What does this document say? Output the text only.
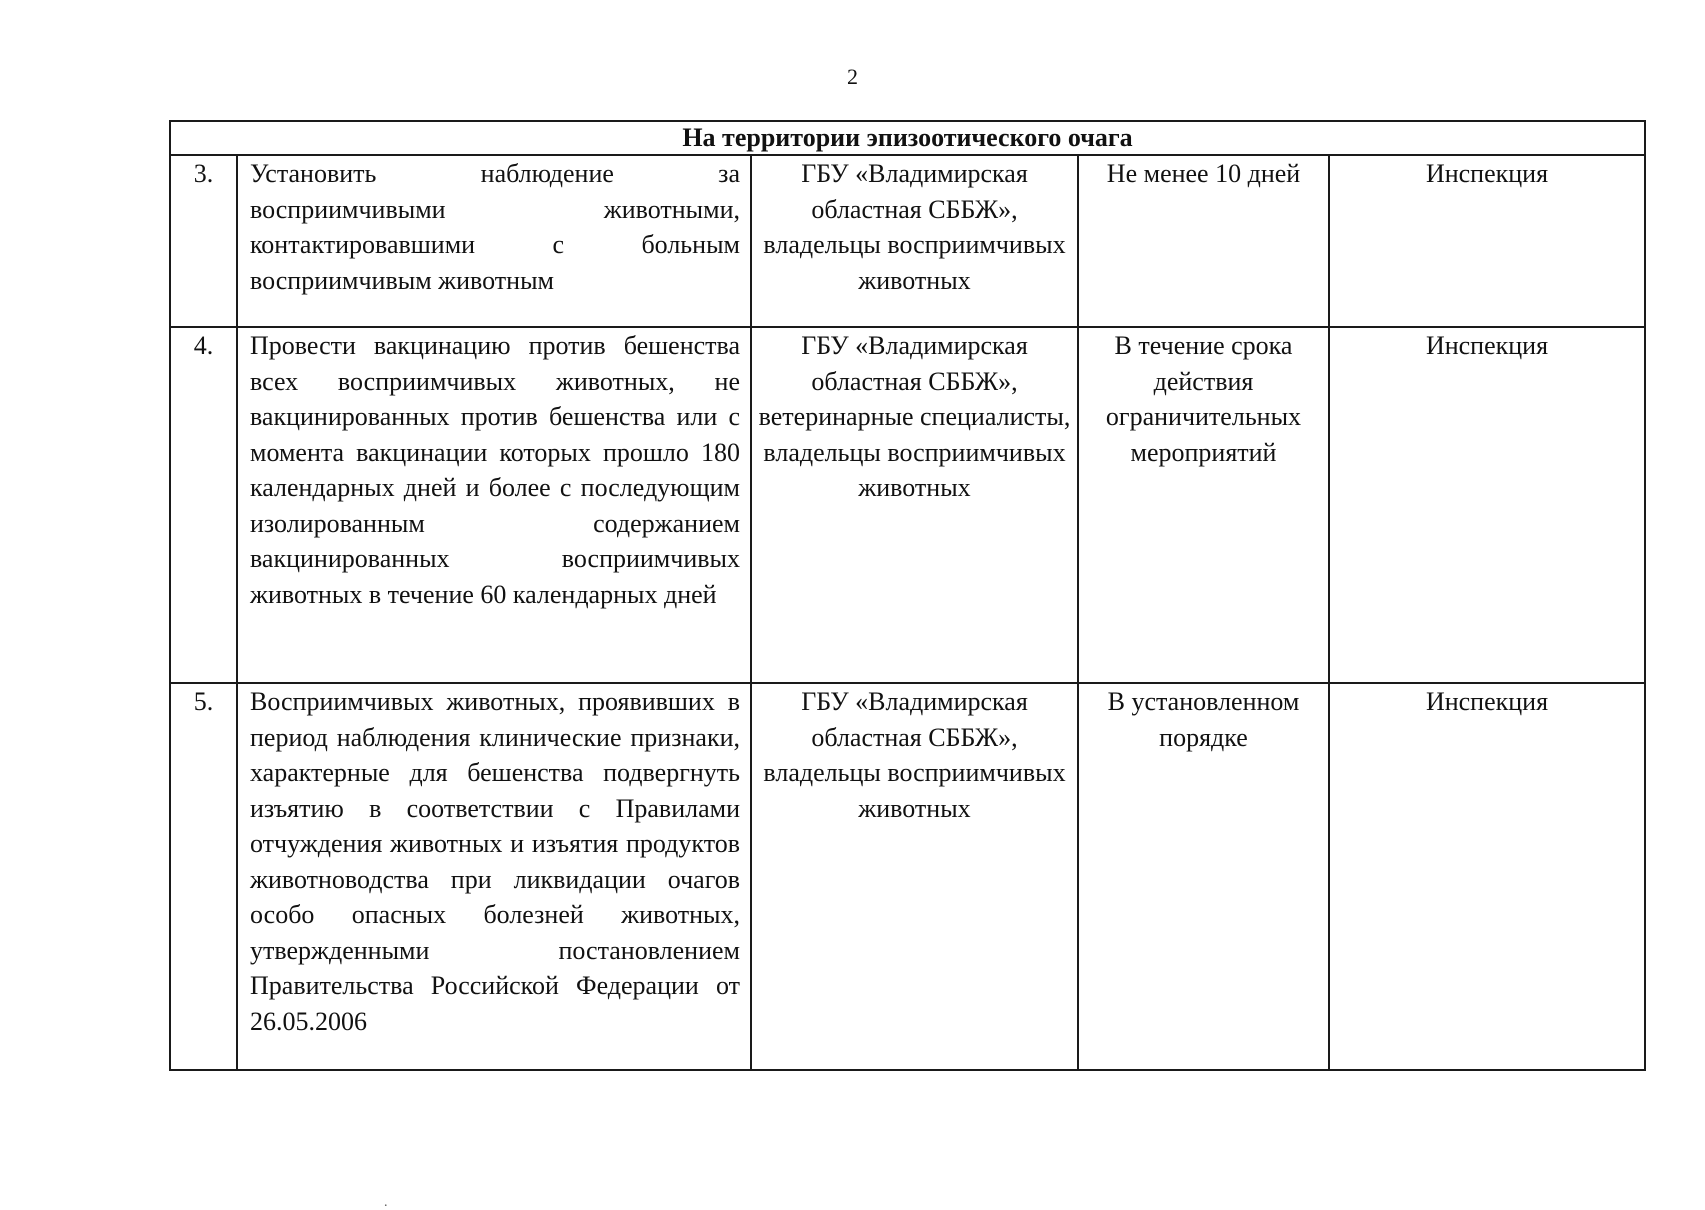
2
На территории эпизоотического очага				
3.	Установить наблюдение за восприимчивыми животными, контактировавшими с больным восприимчивым животным	ГБУ «Владимирская областная СББЖ», владельцы восприимчивых животных	Не менее 10 дней	Инспекция
4.	Провести вакцинацию против бешенства всех восприимчивых животных, не вакцинированных против бешенства или с момента вакцинации которых прошло 180 календарных дней и более с последующим изолированным содержанием вакцинированных восприимчивых животных в течение 60 календарных дней	ГБУ «Владимирская областная СББЖ», ветеринарные специалисты, владельцы восприимчивых животных	В течение срока действия ограничительных мероприятий	Инспекция
5.	Восприимчивых животных, проявивших в период наблюдения клинические признаки, характерные для бешенства подвергнуть изъятию в соответствии с Правилами отчуждения животных и изъятия продуктов животноводства при ликвидации очагов особо опасных болезней животных, утвержденными постановлением Правительства Российской Федерации от 26.05.2006	ГБУ «Владимирская областная СББЖ», владельцы восприимчивых животных	В установленном порядке	Инспекция
.
